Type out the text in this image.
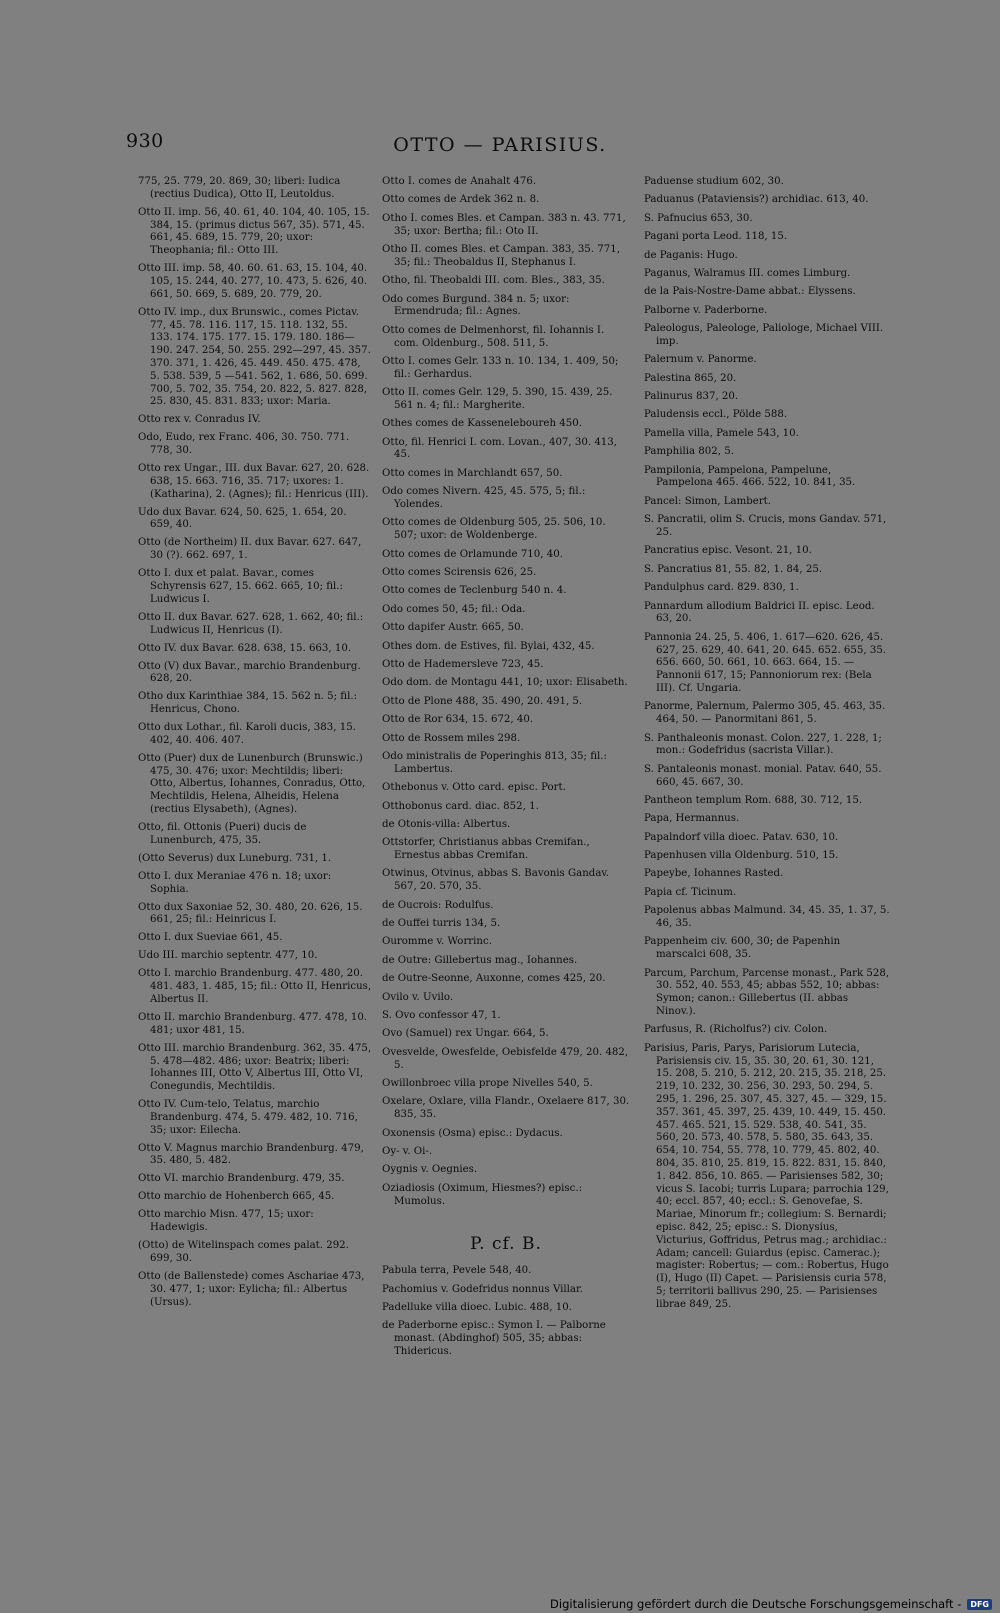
930	OTTO — PARISIUS.
775, 25. 779, 20. 869, 30; liberi: Iudica (rectius Dudica), Otto II, Leutoldus.
Otto II. imp. 56, 40. 61, 40. 104, 40. 105, 15. 384, 15. (primus dictus 567, 35). 571, 45. 661, 45. 689, 15. 779, 20; uxor: Theophania; fil.: Otto III.
Otto III. imp. 58, 40. 60. 61. 63, 15. 104, 40. 105, 15. 244, 40. 277, 10. 473, 5. 626, 40. 661, 50. 669, 5. 689, 20. 779, 20.
Otto IV. imp., dux Brunswic., comes Pictav. 77, 45. 78. 116. 117, 15. 118. 132, 55. 133. 174. 175. 177. 15. 179. 180. 186—190. 247. 254, 50. 255. 292—297, 45. 357. 370. 371, 1. 426, 45. 449. 450. 475. 478, 5. 538. 539, 5 —541. 562, 1. 686, 50. 699. 700, 5. 702, 35. 754, 20. 822, 5. 827. 828, 25. 830, 45. 831. 833; uxor: Maria.
Otto rex v. Conradus IV.
Odo, Eudo, rex Franc. 406, 30. 750. 771. 778, 30.
Otto rex Ungar., III. dux Bavar. 627, 20. 628. 638, 15. 663. 716, 35. 717; uxores: 1. (Katharina), 2. (Agnes); fil.: Henricus (III).
Udo dux Bavar. 624, 50. 625, 1. 654, 20. 659, 40.
Otto (de Northeim) II. dux Bavar. 627. 647, 30 (?). 662. 697, 1.
Otto I. dux et palat. Bavar., comes Schyrensis 627, 15. 662. 665, 10; fil.: Ludwicus I.
Otto II. dux Bavar. 627. 628, 1. 662, 40; fil.: Ludwicus II, Henricus (I).
Otto IV. dux Bavar. 628. 638, 15. 663, 10.
Otto (V) dux Bavar., marchio Brandenburg. 628, 20.
Otho dux Karinthiae 384, 15. 562 n. 5; fil.: Henricus, Chono.
Otto dux Lothar., fil. Karoli ducis, 383, 15. 402, 40. 406. 407.
Otto (Puer) dux de Lunenburch (Brunswic.) 475, 30. 476; uxor: Mechtildis; liberi: Otto, Albertus, Iohannes, Conradus, Otto, Mechtildis, Helena, Alheidis, Helena (rectius Elysabeth), (Agnes).
Otto, fil. Ottonis (Pueri) ducis de Lunenburch, 475, 35.
(Otto Severus) dux Luneburg. 731, 1.
Otto I. dux Meraniae 476 n. 18; uxor: Sophia.
Otto dux Saxoniae 52, 30. 480, 20. 626, 15. 661, 25; fil.: Heinricus I.
Otto I. dux Sueviae 661, 45.
Udo III. marchio septentr. 477, 10.
Otto I. marchio Brandenburg. 477. 480, 20. 481. 483, 1. 485, 15; fil.: Otto II, Henricus, Albertus II.
Otto II. marchio Brandenburg. 477. 478, 10. 481; uxor 481, 15.
Otto III. marchio Brandenburg. 362, 35. 475, 5. 478—482. 486; uxor: Beatrix; liberi: Iohannes III, Otto V, Albertus III, Otto VI, Conegundis, Mechtildis.
Otto IV. Cum-telo, Telatus, marchio Brandenburg. 474, 5. 479. 482, 10. 716, 35; uxor: Eilecha.
Otto V. Magnus marchio Brandenburg. 479, 35. 480, 5. 482.
Otto VI. marchio Brandenburg. 479, 35.
Otto marchio de Hohenberch 665, 45.
Otto marchio Misn. 477, 15; uxor: Hadewigis.
(Otto) de Witelinspach comes palat. 292. 699, 30.
Otto (de Ballenstede) comes Aschariae 473, 30. 477, 1; uxor: Eylicha; fil.: Albertus (Ursus).
Otto I. comes de Anahalt 476.
Otto comes de Ardek 362 n. 8.
Otho I. comes Bles. et Campan. 383 n. 43. 771, 35; uxor: Bertha; fil.: Oto II.
Otho II. comes Bles. et Campan. 383, 35. 771, 35; fil.: Theobaldus II, Stephanus I.
Otho, fil. Theobaldi III. com. Bles., 383, 35.
Odo comes Burgund. 384 n. 5; uxor: Ermendruda; fil.: Agnes.
Otto comes de Delmenhorst, fil. Iohannis I. com. Oldenburg., 508. 511, 5.
Otto I. comes Gelr. 133 n. 10. 134, 1. 409, 50; fil.: Gerhardus.
Otto II. comes Gelr. 129, 5. 390, 15. 439, 25. 561 n. 4; fil.: Margherite.
Othes comes de Kasseneleboureh 450.
Otto, fil. Henrici I. com. Lovan., 407, 30. 413, 45.
Otto comes in Marchlandt 657, 50.
Odo comes Nivern. 425, 45. 575, 5; fil.: Yolendes.
Otto comes de Oldenburg 505, 25. 506, 10. 507; uxor: de Woldenberge.
Otto comes de Orlamunde 710, 40.
Otto comes Scirensis 626, 25.
Otto comes de Teclenburg 540 n. 4.
Odo comes 50, 45; fil.: Oda.
Otto dapifer Austr. 665, 50.
Othes dom. de Estives, fil. Bylai, 432, 45.
Otto de Hademersleve 723, 45.
Odo dom. de Montagu 441, 10; uxor: Elisabeth.
Otto de Plone 488, 35. 490, 20. 491, 5.
Otto de Ror 634, 15. 672, 40.
Otto de Rossem miles 298.
Odo ministralis de Poperinghis 813, 35; fil.: Lambertus.
Othebonus v. Otto card. episc. Port.
Otthobonus card. diac. 852, 1.
de Otonis-villa: Albertus.
Ottstorfer, Christianus abbas Cremifan., Ernestus abbas Cremifan.
Otwinus, Otvinus, abbas S. Bavonis Gandav. 567, 20. 570, 35.
de Oucrois: Rodulfus.
de Ouffei turris 134, 5.
Ouromme v. Worrinc.
de Outre: Gillebertus mag., Iohannes.
de Outre-Seonne, Auxonne, comes 425, 20.
Ovilo v. Uvilo.
S. Ovo confessor 47, 1.
Ovo (Samuel) rex Ungar. 664, 5.
Ovesvelde, Owesfelde, Oebisfelde 479, 20. 482, 5.
Owillonbroec villa prope Nivelles 540, 5.
Oxelare, Oxlare, villa Flandr., Oxelaere 817, 30. 835, 35.
Oxonensis (Osma) episc.: Dydacus.
Oy- v. Oi-.
Oygnis v. Oegnies.
Oziadiosis (Oximum, Hiesmes?) episc.: Mumolus.
P. cf. B.
Pabula terra, Pevele 548, 40.
Pachomius v. Godefridus nonnus Villar.
Padelluke villa dioec. Lubic. 488, 10.
de Paderborne episc.: Symon I. — Palborne monast. (Abdinghof) 505, 35; abbas: Thidericus.
Paduense studium 602, 30.
Paduanus (Pataviensis?) archidiac. 613, 40.
S. Pafnucius 653, 30.
Pagani porta Leod. 118, 15.
de Paganis: Hugo.
Paganus, Walramus III. comes Limburg.
de la Pais-Nostre-Dame abbat.: Elyssens.
Palborne v. Paderborne.
Paleologus, Paleologe, Paliologe, Michael VIII. imp.
Palernum v. Panorme.
Palestina 865, 20.
Palinurus 837, 20.
Paludensis eccl., Pölde 588.
Pamella villa, Pamele 543, 10.
Pamphilia 802, 5.
Pampilonia, Pampelona, Pampelune, Pampelona 465. 466. 522, 10. 841, 35.
Pancel: Simon, Lambert.
S. Pancratii, olim S. Crucis, mons Gandav. 571, 25.
Pancratius episc. Vesont. 21, 10.
S. Pancratius 81, 55. 82, 1. 84, 25.
Pandulphus card. 829. 830, 1.
Pannardum allodium Baldrici II. episc. Leod. 63, 20.
Pannonia 24. 25, 5. 406, 1. 617—620. 626, 45. 627, 25. 629, 40. 641, 20. 645. 652. 655, 35. 656. 660, 50. 661, 10. 663. 664, 15. — Pannonii 617, 15; Pannoniorum rex: (Bela III). Cf. Ungaria.
Panorme, Palernum, Palermo 305, 45. 463, 35. 464, 50. — Panormitani 861, 5.
S. Panthaleonis monast. Colon. 227, 1. 228, 1; mon.: Godefridus (sacrista Villar.).
S. Pantaleonis monast. monial. Patav. 640, 55. 660, 45. 667, 30.
Pantheon templum Rom. 688, 30. 712, 15.
Papa, Hermannus.
Papalndorf villa dioec. Patav. 630, 10.
Papenhusen villa Oldenburg. 510, 15.
Papeybe, Iohannes Rasted.
Papia cf. Ticinum.
Papolenus abbas Malmund. 34, 45. 35, 1. 37, 5. 46, 35.
Pappenheim civ. 600, 30; de Papenhin marscalci 608, 35.
Parcum, Parchum, Parcense monast., Park 528, 30. 552, 40. 553, 45; abbas 552, 10; abbas: Symon; canon.: Gillebertus (II. abbas Ninov.).
Parfusus, R. (Richolfus?) civ. Colon.
Parisius, Paris, Parys, Parisiorum Lutecia, Parisiensis civ. 15, 35. 30, 20. 61, 30. 121, 15. 208, 5. 210, 5. 212, 20. 215, 35. 218, 25. 219, 10. 232, 30. 256, 30. 293, 50. 294, 5. 295, 1. 296, 25. 307, 45. 327, 45. — 329, 15. 357. 361, 45. 397, 25. 439, 10. 449, 15. 450. 457. 465. 521, 15. 529. 538, 40. 541, 35. 560, 20. 573, 40. 578, 5. 580, 35. 643, 35. 654, 10. 754, 55. 778, 10. 779, 45. 802, 40. 804, 35. 810, 25. 819, 15. 822. 831, 15. 840, 1. 842. 856, 10. 865. — Parisienses 582, 30; vicus S. Iacobi; turris Lupara; parrochia 129, 40; eccl. 857, 40; eccl.: S. Genovefae, S. Mariae, Minorum fr.; collegium: S. Bernardi; episc. 842, 25; episc.: S. Dionysius, Victurius, Goffridus, Petrus mag.; archidiac.: Adam; cancell: Guiardus (episc. Camerac.); magister: Robertus; — com.: Robertus, Hugo (I), Hugo (II) Capet. — Parisiensis curia 578, 5; territorii ballivus 290, 25. — Parisienses librae 849, 25.
Digitalisierung gefördert durch die Deutsche Forschungsgemeinschaft -	DFG
